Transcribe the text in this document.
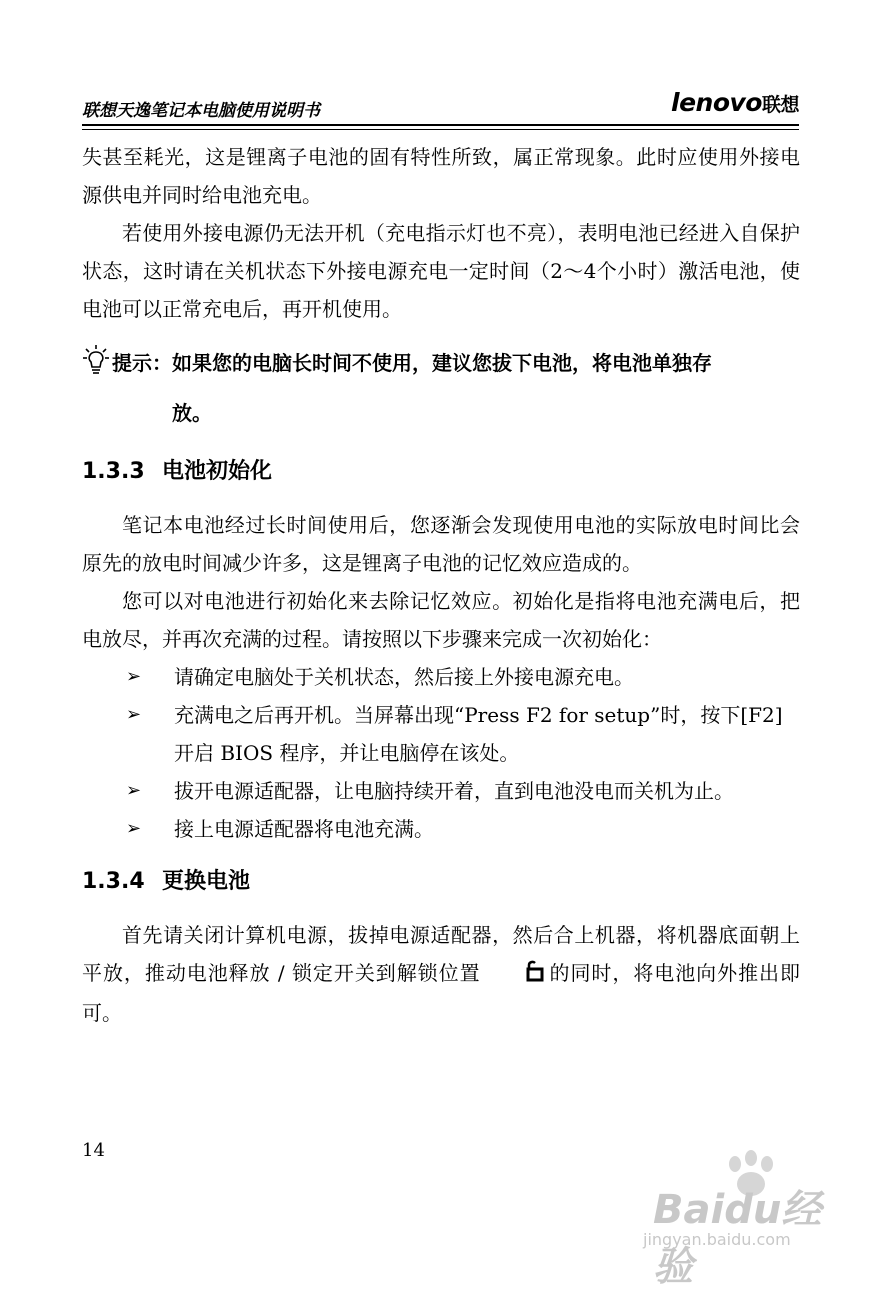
联想天逸笔记本电脑使用说明书	lenovo联想

失甚至耗光，这是锂离子电池的固有特性所致，属正常现象。此时应使用外接电源供电并同时给电池充电。

若使用外接电源仍无法开机（充电指示灯也不亮），表明电池已经进入自保护状态，这时请在关机状态下外接电源充电一定时间（2～4个小时）激活电池，使电池可以正常充电后，再开机使用。

提示：如果您的电脑长时间不使用，建议您拔下电池，将电池单独存
放。
1.3.3 电池初始化

笔记本电池经过长时间使用后，您逐渐会发现使用电池的实际放电时间比会原先的放电时间减少许多，这是锂离子电池的记忆效应造成的。

您可以对电池进行初始化来去除记忆效应。初始化是指将电池充满电后，把电放尽，并再次充满的过程。请按照以下步骤来完成一次初始化：

➢ 请确定电脑处于关机状态，然后接上外接电源充电。
➢ 充满电之后再开机。当屏幕出现“Press F2 for setup”时，按下[F2]开启 BIOS 程序，并让电脑停在该处。
➢ 拔开电源适配器，让电脑持续开着，直到电池没电而关机为止。
➢ 接上电源适配器将电池充满。
1.3.4 更换电池

首先请关闭计算机电源，拔掉电源适配器，然后合上机器，将机器底面朝上平放，推动电池释放 / 锁定开关到解锁位置	的同时，将电池向外推出即可。

14
Baidu经验
jingyan.baidu.com
